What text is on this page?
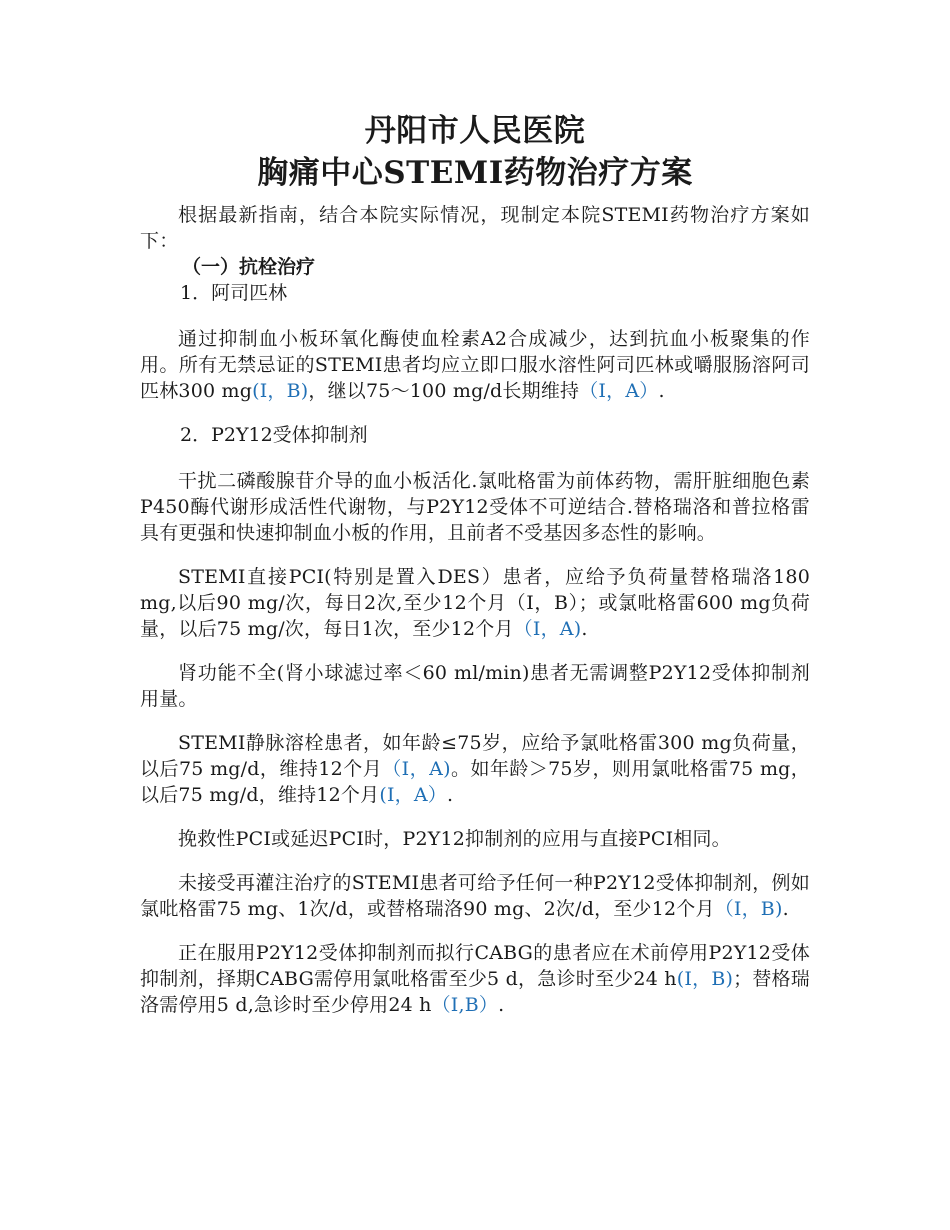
丹阳市人民医院
胸痛中心STEMI药物治疗方案

根据最新指南，结合本院实际情况，现制定本院STEMI药物治疗方案如下：

（一）抗栓治疗
1．阿司匹林

通过抑制血小板环氧化酶使血栓素A2合成减少，达到抗血小板聚集的作用。所有无禁忌证的STEMI患者均应立即口服水溶性阿司匹林或嚼服肠溶阿司匹林300 mg(Ⅰ，B)，继以75～100 mg/d长期维持（Ⅰ，A）.

2．P2Y12受体抑制剂

干扰二磷酸腺苷介导的血小板活化.氯吡格雷为前体药物，需肝脏细胞色素P450酶代谢形成活性代谢物，与P2Y12受体不可逆结合.替格瑞洛和普拉格雷具有更强和快速抑制血小板的作用，且前者不受基因多态性的影响。

STEMI直接PCI(特别是置入DES）患者，应给予负荷量替格瑞洛180 mg,以后90 mg/次，每日2次,至少12个月（Ⅰ，B）；或氯吡格雷600 mg负荷量，以后75 mg/次，每日1次，至少12个月（Ⅰ，A).

肾功能不全(肾小球滤过率＜60 ml/min)患者无需调整P2Y12受体抑制剂用量。

STEMI静脉溶栓患者，如年龄≤75岁，应给予氯吡格雷300 mg负荷量，以后75 mg/d，维持12个月（Ⅰ，A)。如年龄＞75岁，则用氯吡格雷75 mg，以后75 mg/d，维持12个月(Ⅰ，A）.

挽救性PCI或延迟PCI时，P2Y12抑制剂的应用与直接PCI相同。

未接受再灌注治疗的STEMI患者可给予任何一种P2Y12受体抑制剂，例如氯吡格雷75 mg、1次/d，或替格瑞洛90 mg、2次/d，至少12个月（Ⅰ，B).

正在服用P2Y12受体抑制剂而拟行CABG的患者应在术前停用P2Y12受体抑制剂，择期CABG需停用氯吡格雷至少5 d，急诊时至少24 h(Ⅰ，B)；替格瑞洛需停用5 d,急诊时至少停用24 h（Ⅰ,B）.
